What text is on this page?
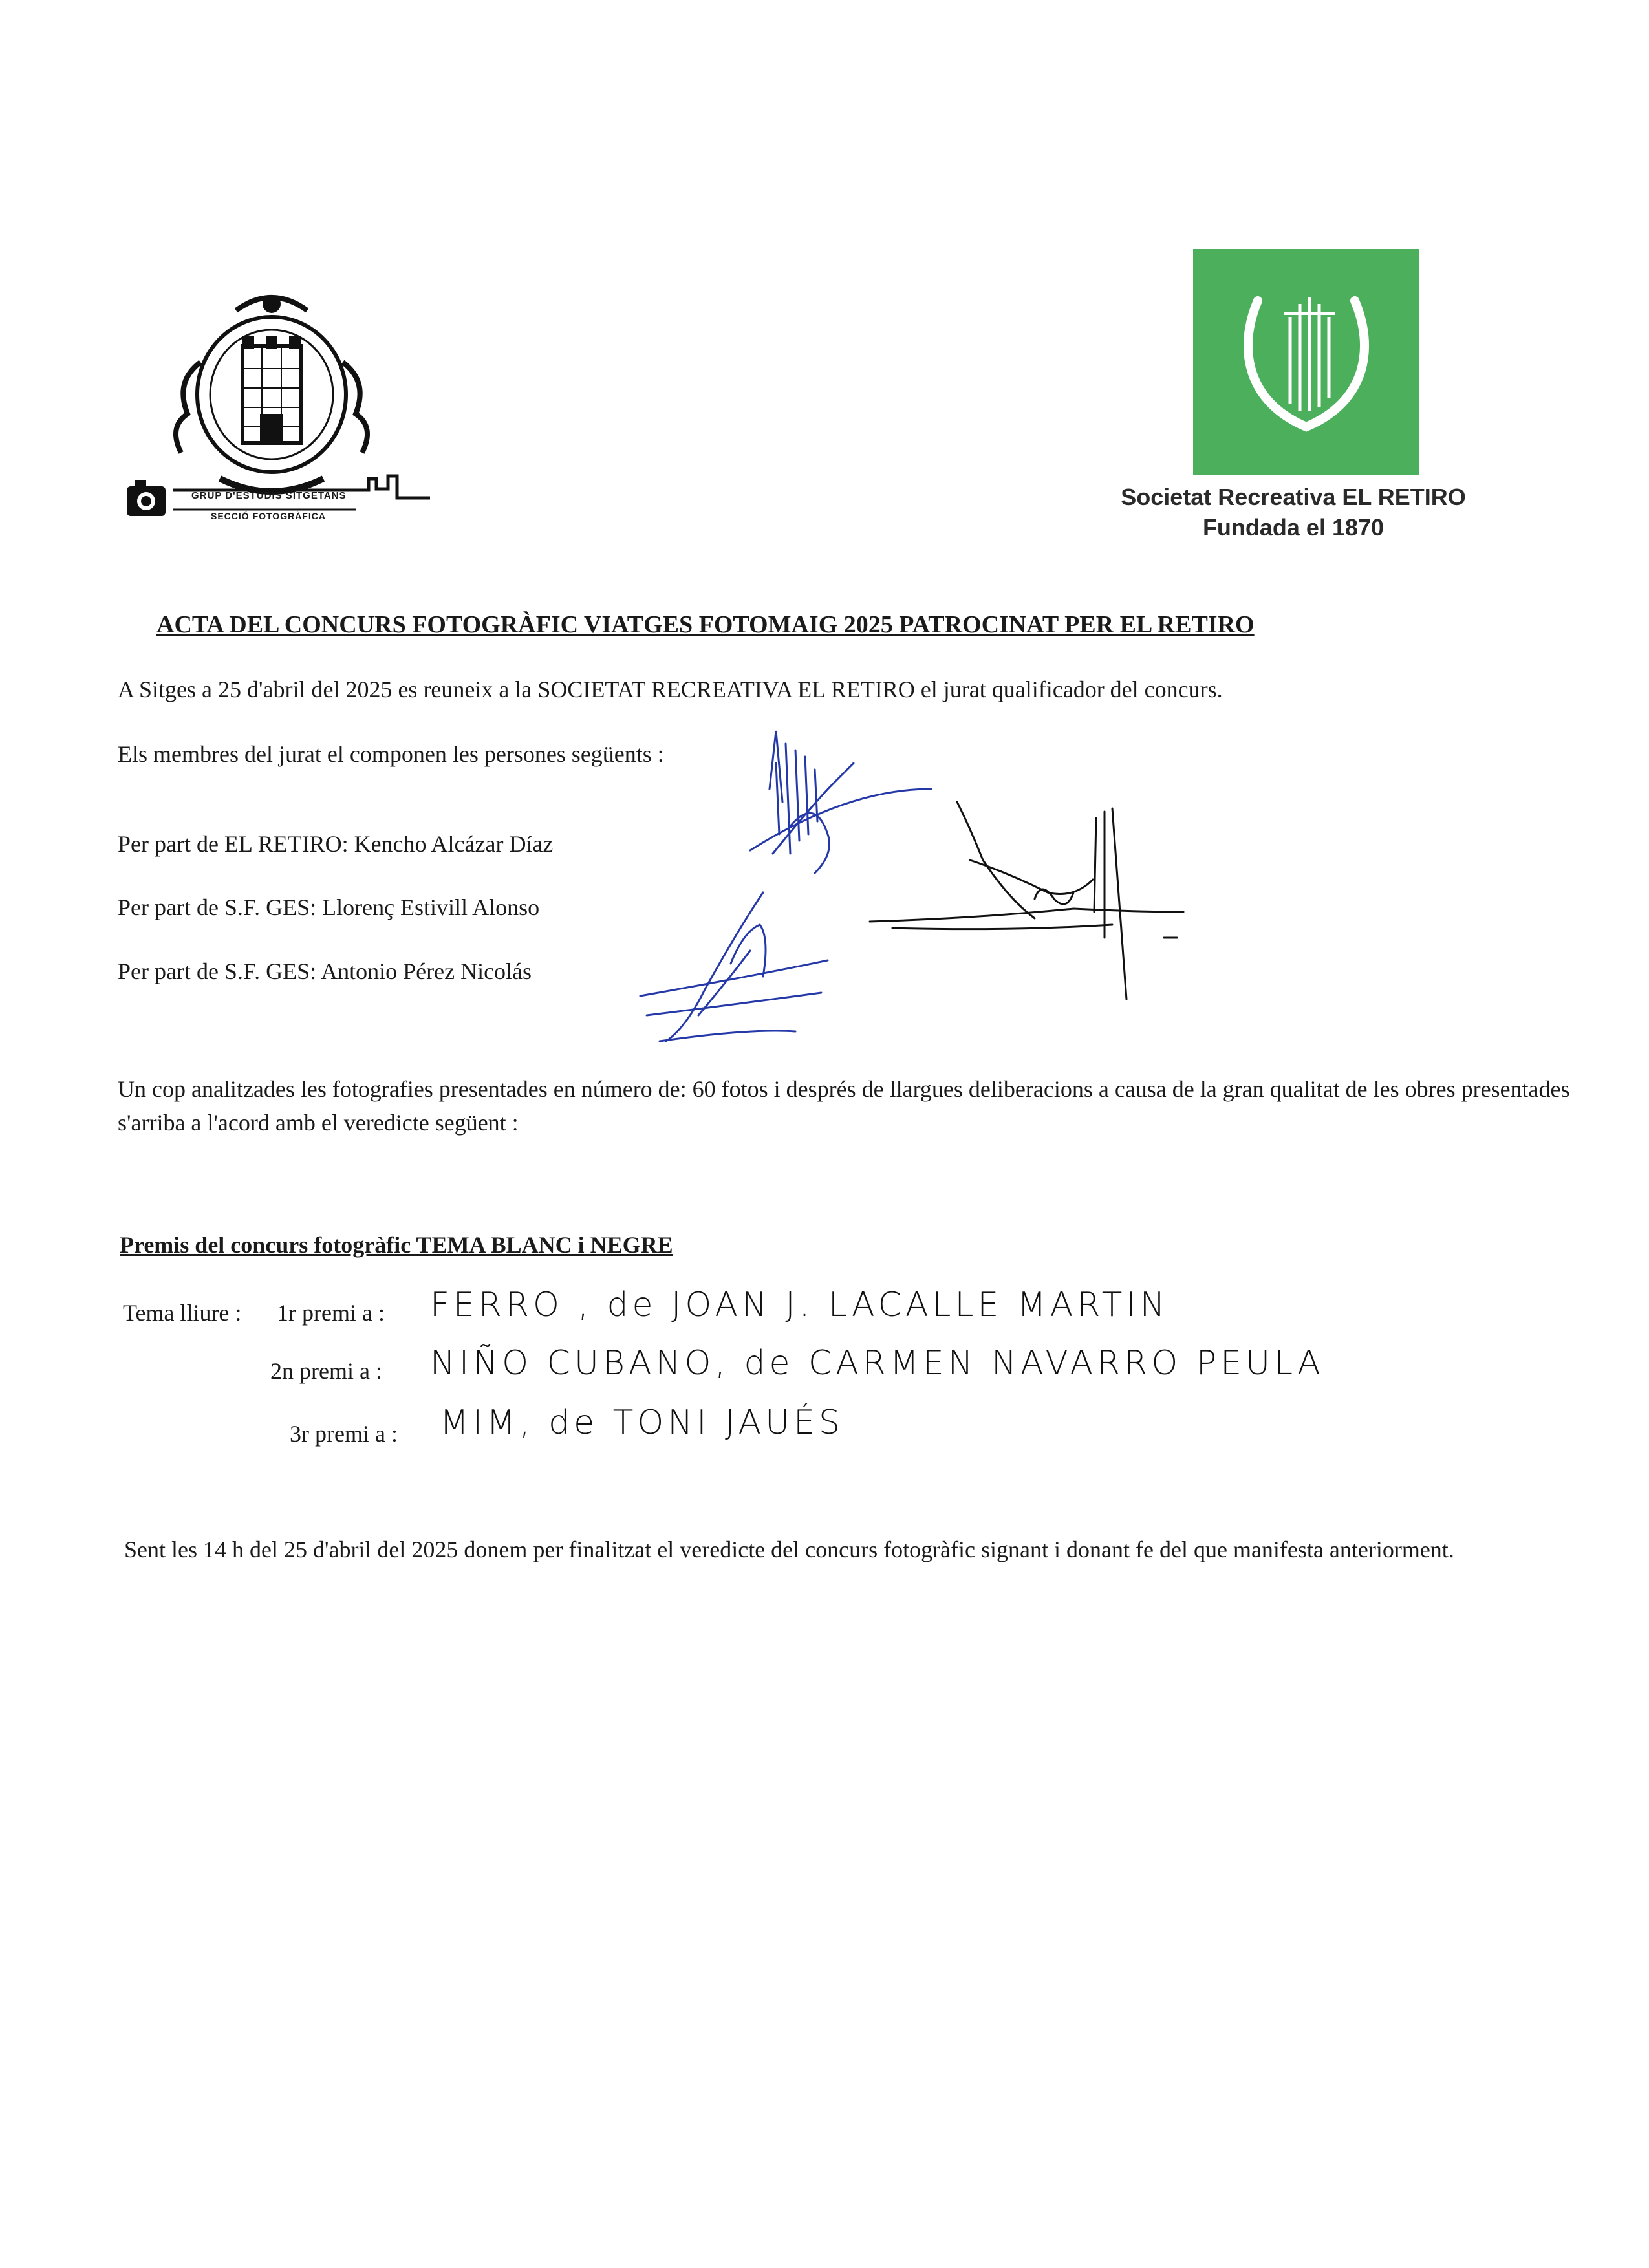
GRUP D'ESTUDIS SITGETANS
SECCIÓ FOTOGRÀFICA
Societat Recreativa EL RETIRO
Fundada el 1870
ACTA DEL CONCURS FOTOGRÀFIC VIATGES FOTOMAIG 2025 PATROCINAT PER EL RETIRO
A Sitges a 25 d'abril del 2025 es reuneix a la SOCIETAT RECREATIVA EL RETIRO el jurat qualificador del concurs.
Els membres del jurat el componen les persones següents :
Per part de EL RETIRO: Kencho Alcázar Díaz
Per part de S.F. GES: Llorenç Estivill Alonso
Per part de S.F. GES: Antonio Pérez Nicolás
Un cop analitzades les fotografies presentades en número de: 60 fotos i després de llargues deliberacions a causa de la gran qualitat de les obres presentades s'arriba a l'acord amb el veredicte següent :
Premis del concurs fotogràfic TEMA BLANC i NEGRE
Tema lliure : 1r premi a : FERRO , de JOAN J. LACALLE MARTIN
2n premi a : NIÑO CUBANO, de CARMEN NAVARRO PEULA
3r premi a : MIM, de TONI JAUÉS
Sent les 14 h del 25 d'abril del 2025 donem per finalitzat el veredicte del concurs fotogràfic signant i donant fe del que manifesta anteriorment.
